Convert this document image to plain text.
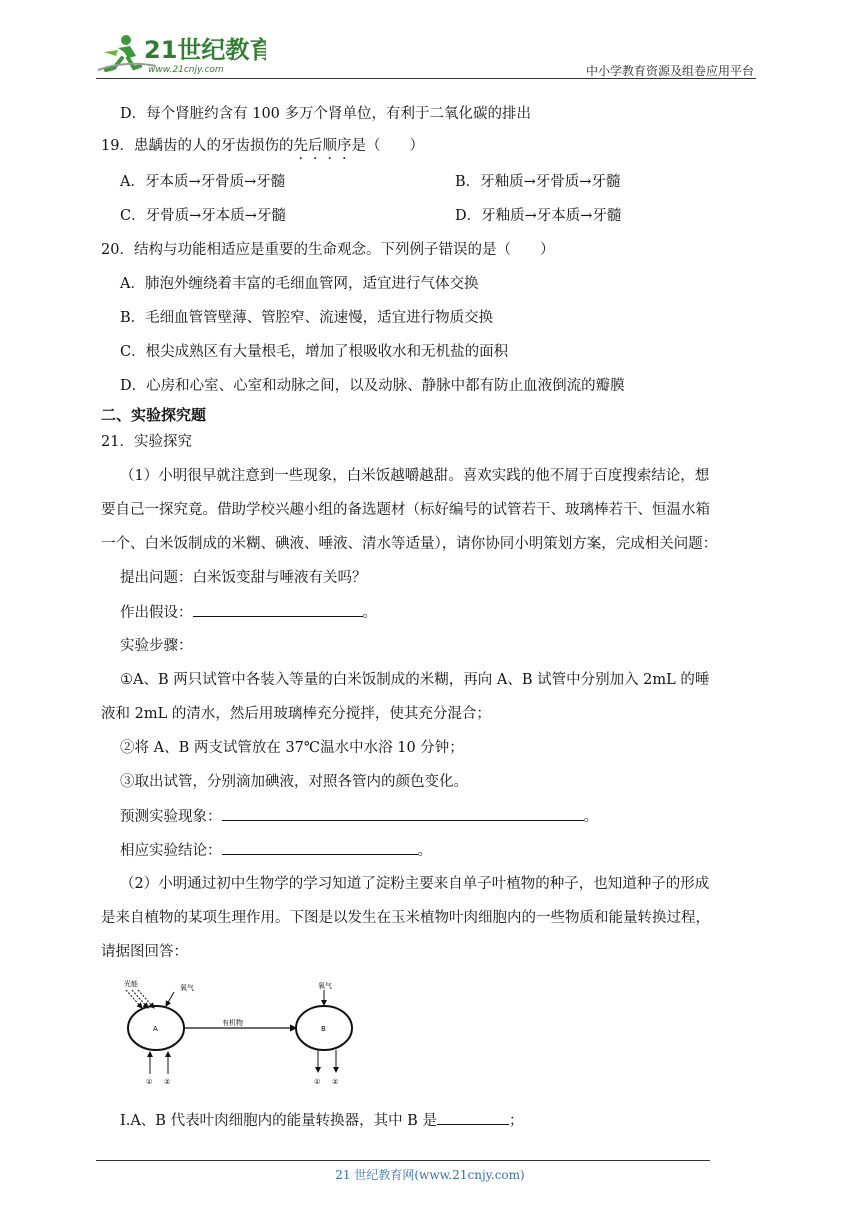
21世纪教育
www.21cnjy.com	中小学教育资源及组卷应用平台
D．每个肾脏约含有 100 多万个肾单位，有利于二氧化碳的排出
19．患龋齿的人的牙齿损伤的先后顺序是（　　）
A．牙本质→牙骨质→牙髓	B．牙釉质→牙骨质→牙髓
C．牙骨质→牙本质→牙髓	D．牙釉质→牙本质→牙髓
20．结构与功能相适应是重要的生命观念。下列例子错误的是（　　）
A．肺泡外缠绕着丰富的毛细血管网，适宜进行气体交换
B．毛细血管管壁薄、管腔窄、流速慢，适宜进行物质交换
C．根尖成熟区有大量根毛，增加了根吸收水和无机盐的面积
D．心房和心室、心室和动脉之间，以及动脉、静脉中都有防止血液倒流的瓣膜
二、实验探究题
21．实验探究
（1）小明很早就注意到一些现象，白米饭越嚼越甜。喜欢实践的他不屑于百度搜索结论，想
要自己一探究竟。借助学校兴趣小组的备选题材（标好编号的试管若干、玻璃棒若干、恒温水箱
一个、白米饭制成的米糊、碘液、唾液、清水等适量），请你协同小明策划方案，完成相关问题：
提出问题：白米饭变甜与唾液有关吗？
作出假设：	。
实验步骤：
①A、B 两只试管中各装入等量的白米饭制成的米糊，再向 A、B 试管中分别加入 2mL 的唾
液和 2mL 的清水，然后用玻璃棒充分搅拌，使其充分混合；
②将 A、B 两支试管放在 37℃温水中水浴 10 分钟；
③取出试管，分别滴加碘液，对照各管内的颜色变化。
预测实验现象：	。
相应实验结论：	。
（2）小明通过初中生物学的学习知道了淀粉主要来自单子叶植物的种子，也知道种子的形成
是来自植物的某项生理作用。下图是以发生在玉米植物叶肉细胞内的一些物质和能量转换过程，
请据图回答：
光能	氧气
A
有机物
氧气
B
① ②	① ②
Ⅰ.A、B 代表叶肉细胞内的能量转换器，其中 B 是	；
21 世纪教育网(www.21cnjy.com)
